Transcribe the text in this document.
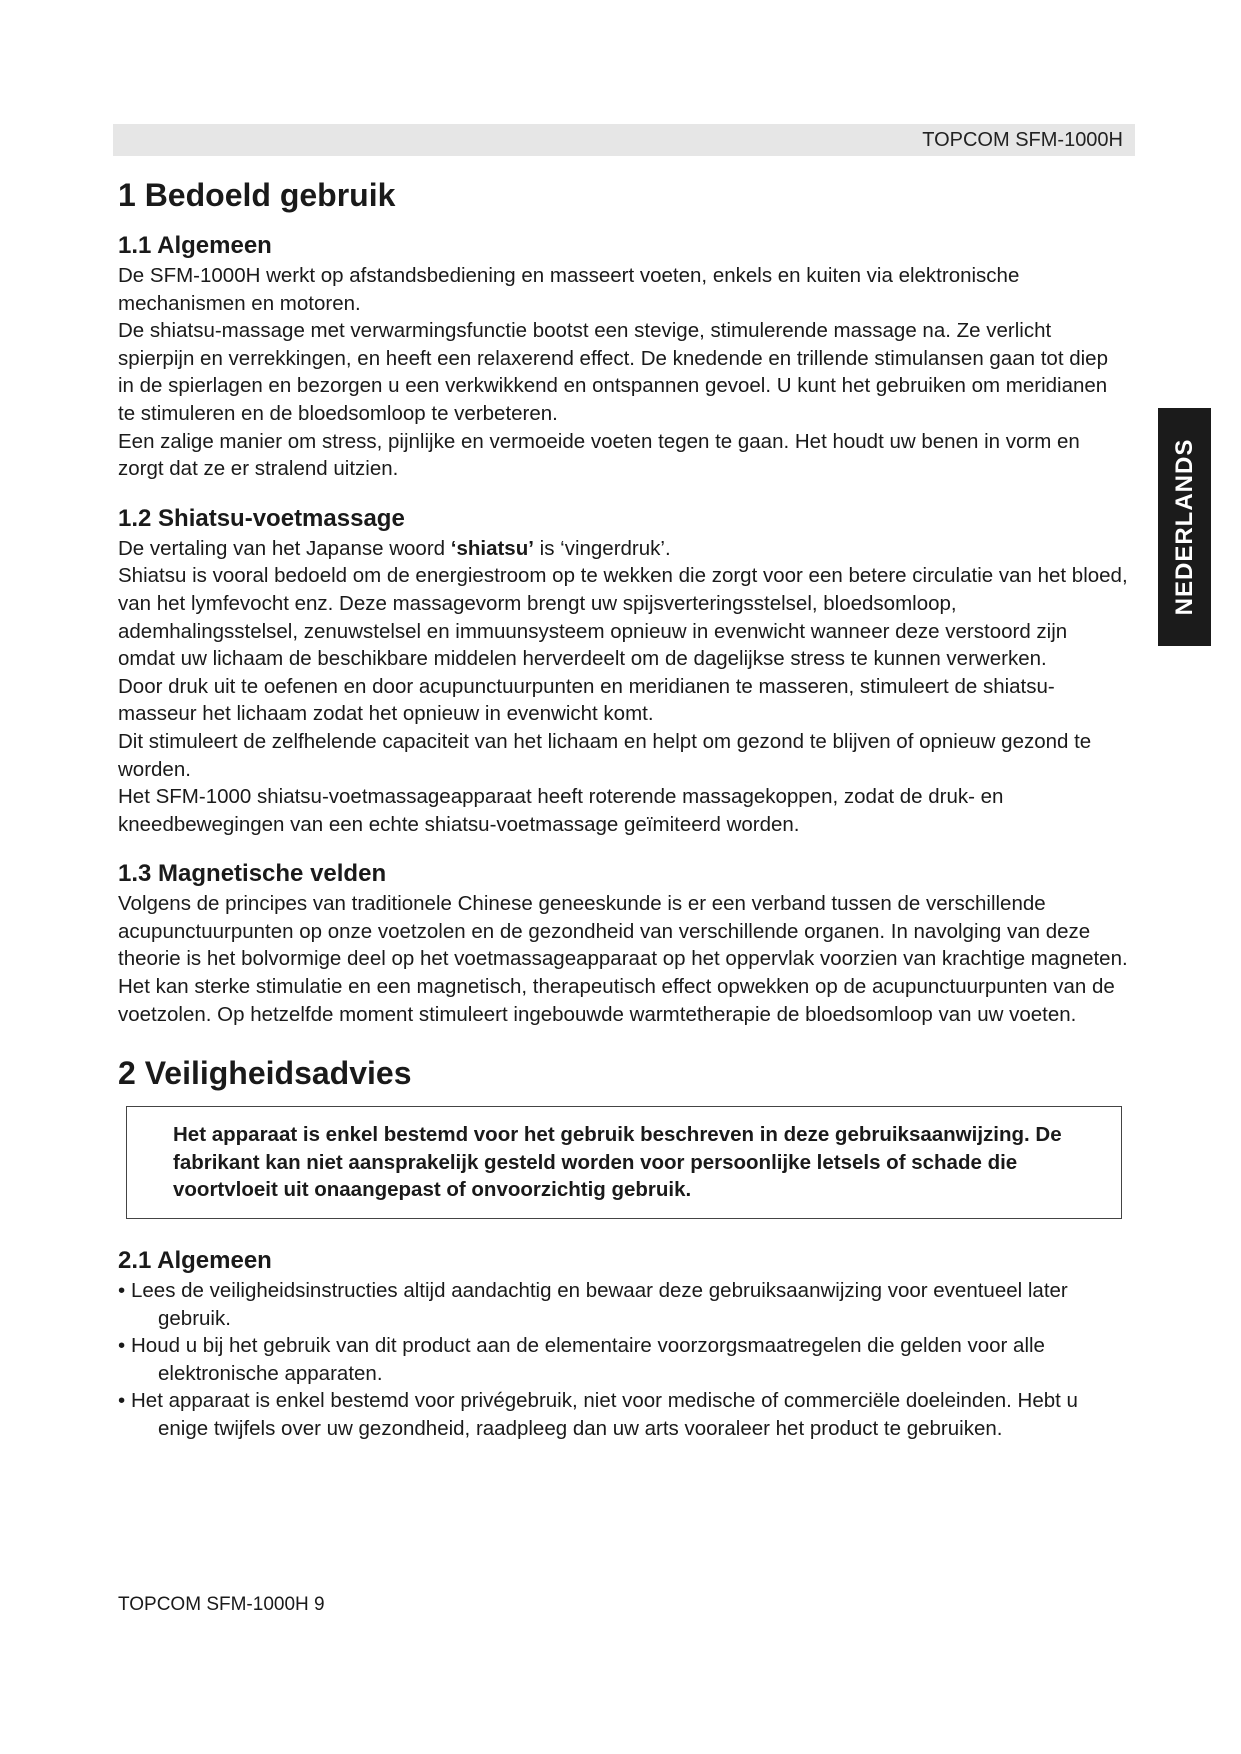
TOPCOM SFM-1000H
NEDERLANDS
1 Bedoeld gebruik
1.1 Algemeen

De SFM-1000H werkt op afstandsbediening en masseert voeten, enkels en kuiten via elektronische mechanismen en motoren.

De shiatsu-massage met verwarmingsfunctie bootst een stevige, stimulerende massage na. Ze verlicht spierpijn en verrekkingen, en heeft een relaxerend effect. De knedende en trillende stimulansen gaan tot diep in de spierlagen en bezorgen u een verkwikkend en ontspannen gevoel. U kunt het gebruiken om meridianen te stimuleren en de bloedsomloop te verbeteren.

Een zalige manier om stress, pijnlijke en vermoeide voeten tegen te gaan. Het houdt uw benen in vorm en zorgt dat ze er stralend uitzien.

1.2 Shiatsu-voetmassage

De vertaling van het Japanse woord ‘shiatsu’ is ‘vingerdruk’.

Shiatsu is vooral bedoeld om de energiestroom op te wekken die zorgt voor een betere circulatie van het bloed, van het lymfevocht enz. Deze massagevorm brengt uw spijsverteringsstelsel, bloedsomloop, ademhalingsstelsel, zenuwstelsel en immuunsysteem opnieuw in evenwicht wanneer deze verstoord zijn omdat uw lichaam de beschikbare middelen herverdeelt om de dagelijkse stress te kunnen verwerken.

Door druk uit te oefenen en door acupunctuurpunten en meridianen te masseren, stimuleert de shiatsu-masseur het lichaam zodat het opnieuw in evenwicht komt.

Dit stimuleert de zelfhelende capaciteit van het lichaam en helpt om gezond te blijven of opnieuw gezond te worden.

Het SFM-1000 shiatsu-voetmassageapparaat heeft roterende massagekoppen, zodat de druk- en kneedbewegingen van een echte shiatsu-voetmassage geïmiteerd worden.

1.3 Magnetische velden

Volgens de principes van traditionele Chinese geneeskunde is er een verband tussen de verschillende acupunctuurpunten op onze voetzolen en de gezondheid van verschillende organen. In navolging van deze theorie is het bolvormige deel op het voetmassageapparaat op het oppervlak voorzien van krachtige magneten. Het kan sterke stimulatie en een magnetisch, therapeutisch effect opwekken op de acupunctuurpunten van de voetzolen. Op hetzelfde moment stimuleert ingebouwde warmtetherapie de bloedsomloop van uw voeten.

2 Veiligheidsadvies

Het apparaat is enkel bestemd voor het gebruik beschreven in deze gebruiksaanwijzing. De fabrikant kan niet aansprakelijk gesteld worden voor persoonlijke letsels of schade die voortvloeit uit onaangepast of onvoorzichtig gebruik.

2.1 Algemeen
• Lees de veiligheidsinstructies altijd aandachtig en bewaar deze gebruiksaanwijzing voor eventueel later gebruik.
• Houd u bij het gebruik van dit product aan de elementaire voorzorgsmaatregelen die gelden voor alle elektronische apparaten.
• Het apparaat is enkel bestemd voor privégebruik, niet voor medische of commerciële doeleinden. Hebt u enige twijfels over uw gezondheid, raadpleeg dan uw arts vooraleer het product te gebruiken.
TOPCOM SFM-1000H 9
